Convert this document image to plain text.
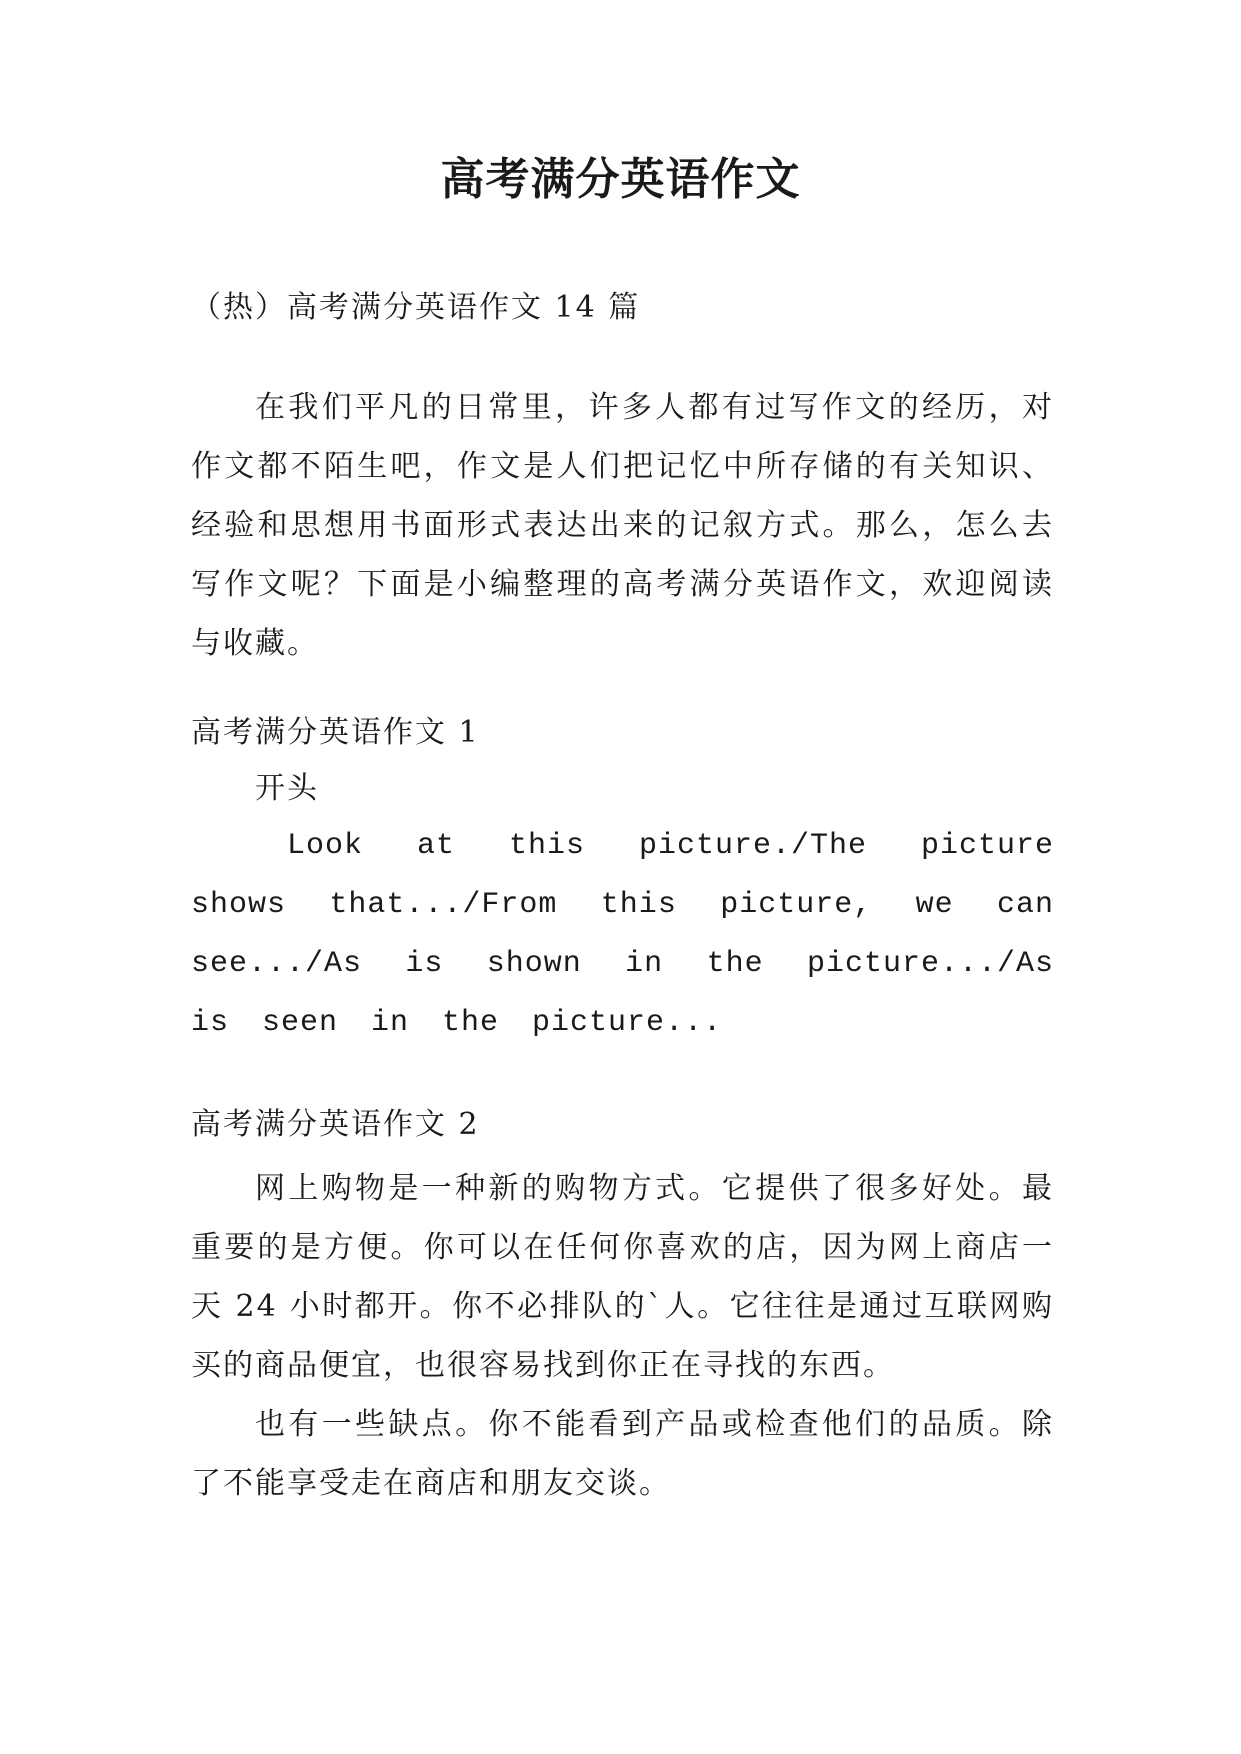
高考满分英语作文

（热）高考满分英语作文 14 篇

在我们平凡的日常里，许多人都有过写作文的经历，对作文都不陌生吧，作文是人们把记忆中所存储的有关知识、经验和思想用书面形式表达出来的记叙方式。那么，怎么去写作文呢？下面是小编整理的高考满分英语作文，欢迎阅读与收藏。

高考满分英语作文 1

开头

Look at this picture./The picture shows that.../From this picture, we can see.../As is shown in the picture.../As is seen in the picture...

高考满分英语作文 2

网上购物是一种新的购物方式。它提供了很多好处。最重要的是方便。你可以在任何你喜欢的店，因为网上商店一天 24 小时都开。你不必排队的`人。它往往是通过互联网购买的商品便宜，也很容易找到你正在寻找的东西。

也有一些缺点。你不能看到产品或检查他们的品质。除了不能享受走在商店和朋友交谈。
